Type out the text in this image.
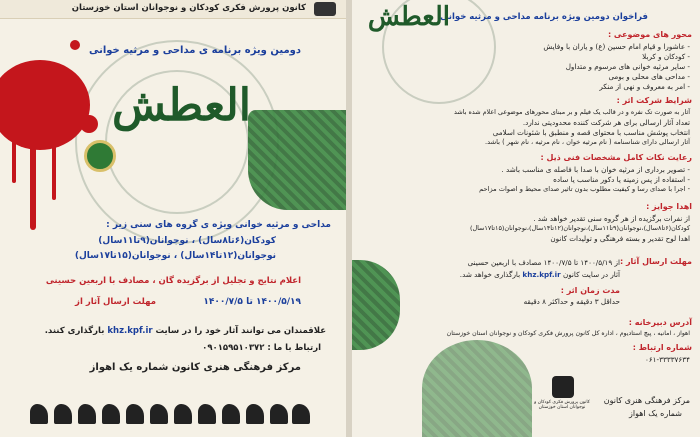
کانون پرورش فکری کودکان و نوجوانان استان خوزستان

دومین ویژه برنامه ی مداحی و مرثیه خوانی

العطش

مداحی و مرثیه خوانی ویژه ی گروه های سنی زیر :

کودکان(۶تا۸سال) ، نوجوانان(۹تا۱۱سال)

نوجوانان(۱۲تا۱۴سال) ، نوجوانان(۱۵تا۱۷سال)

اعلام نتایج و تجلیل از برگزیده گان ، مصادف با اربعین حسینی

مهلت ارسال آثار از	۱۴۰۰/۵/۱۹ تا ۱۴۰۰/۷/۵

علاقمندان می توانند آثار خود را در سایت khz.kpf.ir بارگذاری کنند.

ارتباط با ما : ۰۹۰۱۵۹۵۱۰۳۷۲

مرکز فرهنگی هنری کانون شماره یک اهواز

فراخوان دومین ویژه برنامه مداحی و مرثیه خوانی

العطش

محور های موضوعی :

- عاشورا و قیام امام حسین (ع) و یاران با وفایش

- کودکان و کربلا

- سایر مرثیه خوانی های مرسوم و متداول

- مداحی های محلی و بومی

- امر به معروف و نهی از منکر

شرایط شرکت اثر :

آثار به صورت تک نفره و در قالب یک فیلم و بر مبنای محورهای موضوعی اعلام شده باشد

تعداد آثار ارسالی برای هر شرکت کننده محدودیتی ندارد.

انتخاب پوشش مناسب با محتوای قصه و منطبق با شئونات اسلامی

آثار ارسالی دارای شناسنامه ( نام مرثیه خوان ، نام مرثیه ، نام شهر ) باشد.

رعایت نکات کامل مشخصات فنی ذیل :

- تصویر برداری از مرثیه خوان با صدا با فاصله ی مناسب باشد .

- استفاده از پس زمینه یا دکور مناسب یا ساده

- اجرا با صدای رسا و کیفیت مطلوب بدون تاثیر صدای محیط و اصوات مزاحم

اهدا جوایز :

از نفرات برگزیده از هر گروه سنی تقدیر خواهد شد .

کودکان(۶تا۸سال)،نوجوانان(۹تا۱۱سال)،نوجوانان(۱۲تا۱۴سال)،نوجوانان(۱۵تا۱۷سال)

اهدا لوح تقدیر و بسته فرهنگی و تولیدات کانون

مهلت ارسال آثار :

از ۱۴۰۰/۵/۱۹ تا ۱۴۰۰/۷/۵ مصادف با اربعین حسینی

آثار در سایت کانون khz.kpf.ir بارگذاری خواهد شد.

مدت زمان اثر :

حداقل ۳ دقیقه و حداکثر ۸ دقیقه

آدرس دبیرخانه :

اهواز ، امانیه ، پیچ استادیوم ، اداره کل کانون پرورش فکری کودکان و نوجوانان استان خوزستان

شماره ارتباط :

۰۶۱-۳۳۳۳۷۶۳۴

کانون پرورش فکری کودکان و نوجوانان استان خوزستان

مرکز فرهنگی هنری کانون

شماره یک اهواز
